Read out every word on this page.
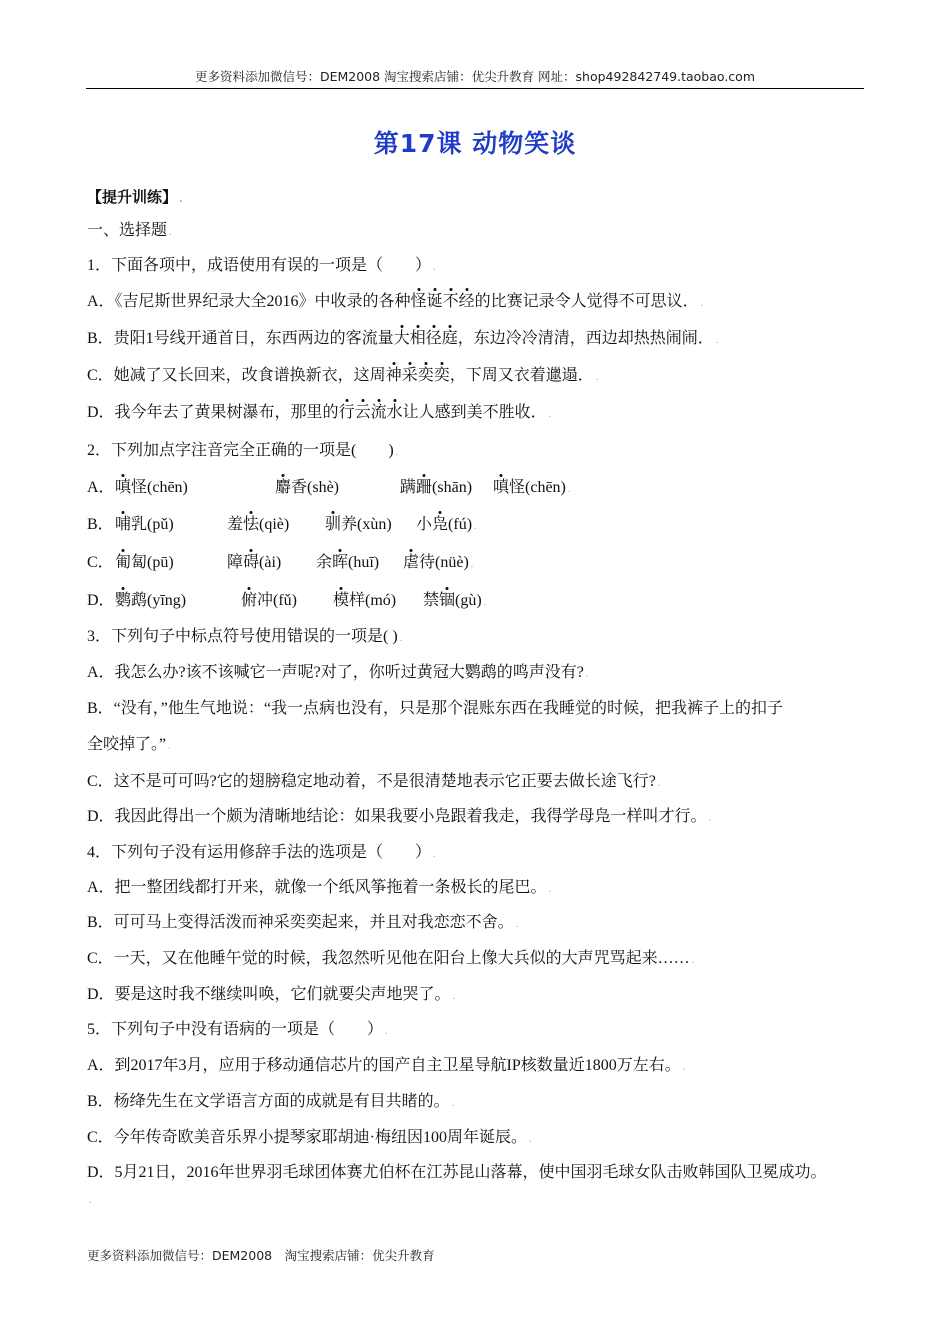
更多资料添加微信号：DEM2008 淘宝搜索店铺：优尖升教育 网址：shop492842749.taobao.com
第17课 动物笑谈
【提升训练】 .
一、选择题 .
1．下面各项中，成语使用有误的一项是（　　） .
A．《吉尼斯世界纪录大全2016》中收录的各种怪诞不经的比赛记录令人觉得不可思议． .
B．贵阳1号线开通首日，东西两边的客流量大相径庭，东边冷冷清清，西边却热热闹闹． .
C．她减了又长回来，改食谱换新衣，这周神采奕奕，下周又衣着邋遢． .
D．我今年去了黄果树瀑布，那里的行云流水让人感到美不胜收． .
2．下列加点字注音完全正确的一项是(　　) .
A． 嗔怪(chēn)	麝香(shè)	蹒跚(shān) 嗔怪(chēn) .
B． 哺乳(pǔ)	羞怯(qiè) 驯养(xùn) 小凫(fú) .
C． 匍匐(pū)	障碍(ài) 余晖(huī) 虐待(nüè) .
D． 鹦鹉(yīng)	俯冲(fǔ) 模样(mó) 禁锢(gù) .
3．下列句子中标点符号使用错误的一项是( ) .
A．我怎么办?该不该喊它一声呢?对了，你听过黄冠大鹦鹉的鸣声没有? .
B．“没有，”他生气地说：“我一点病也没有，只是那个混账东西在我睡觉的时候，把我裤子上的扣子
全咬掉了。” .
C．这不是可可吗?它的翅膀稳定地动着，不是很清楚地表示它正要去做长途飞行? .
D．我因此得出一个颇为清晰地结论：如果我要小凫跟着我走，我得学母凫一样叫才行。 .
4．下列句子没有运用修辞手法的选项是（　　） .
A．把一整团线都打开来，就像一个纸风筝拖着一条极长的尾巴。 .
B．可可马上变得活泼而神采奕奕起来，并且对我恋恋不舍。 .
C．一天，又在他睡午觉的时候，我忽然听见他在阳台上像大兵似的大声咒骂起来…… .
D．要是这时我不继续叫唤，它们就要尖声地哭了。 .
5．下列句子中没有语病的一项是（　　） .
A．到2017年3月，应用于移动通信芯片的国产自主卫星导航IP核数量近1800万左右。 .
B．杨绛先生在文学语言方面的成就是有目共睹的。 .
C．今年传奇欧美音乐界小提琴家耶胡迪·梅纽因100周年诞辰。 .
D．5月21日，2016年世界羽毛球团体赛尤伯杯在江苏昆山落幕，使中国羽毛球女队击败韩国队卫冕成功。
.
更多资料添加微信号：DEM2008　淘宝搜索店铺：优尖升教育
